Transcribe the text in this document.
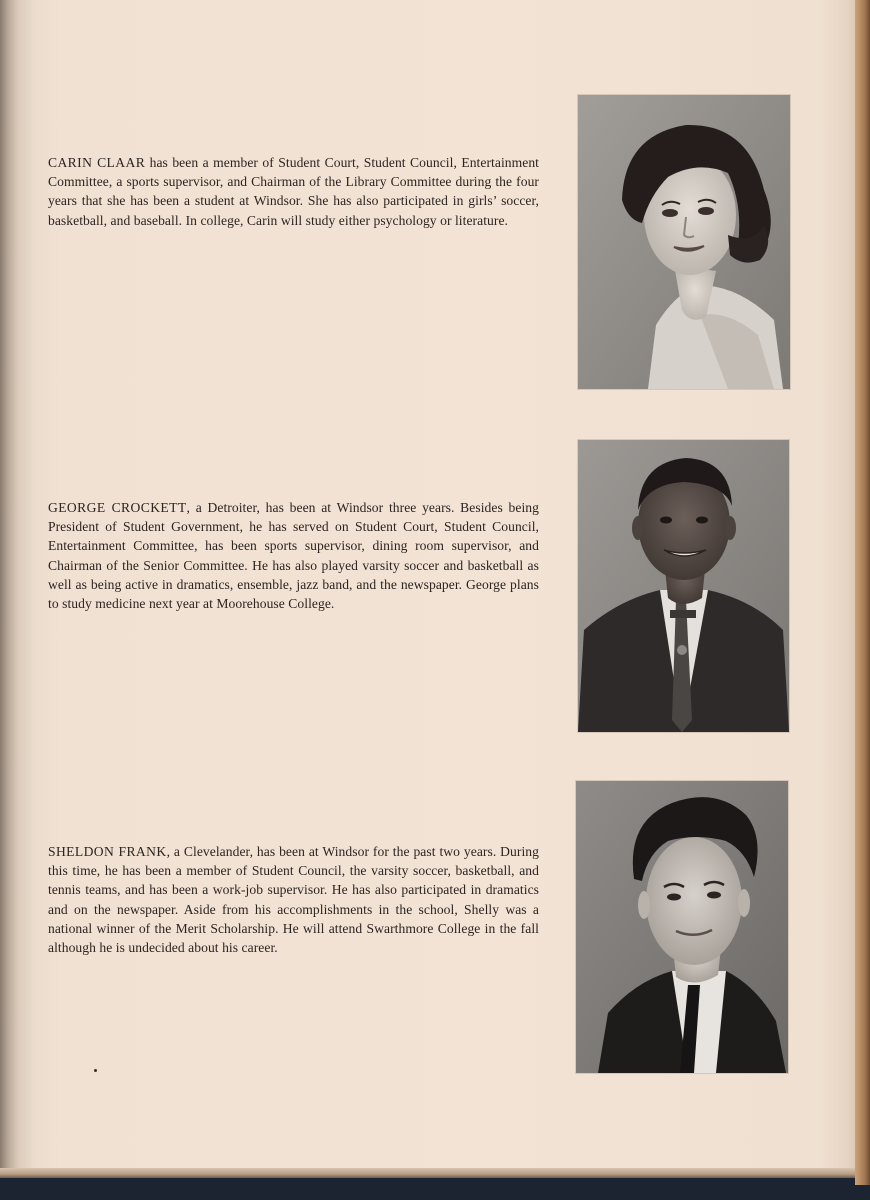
CARIN CLAAR has been a member of Student Court, Student Council, Entertainment Committee, a sports supervisor, and Chairman of the Library Committee during the four years that she has been a student at Windsor. She has also participated in girls’ soccer, basketball, and baseball. In college, Carin will study either psychology or literature.

GEORGE CROCKETT, a Detroiter, has been at Windsor three years. Besides being President of Student Government, he has served on Student Court, Student Council, Entertainment Committee, has been sports supervisor, dining room supervisor, and Chairman of the Senior Committee. He has also played varsity soccer and basketball as well as being active in dramatics, ensemble, jazz band, and the newspaper. George plans to study medicine next year at Moorehouse College.

SHELDON FRANK, a Clevelander, has been at Windsor for the past two years. During this time, he has been a member of Student Council, the varsity soccer, basketball, and tennis teams, and has been a work-job supervisor. He has also participated in dramatics and on the newspaper. Aside from his accomplishments in the school, Shelly was a national winner of the Merit Scholarship. He will attend Swarthmore College in the fall although he is undecided about his career.
